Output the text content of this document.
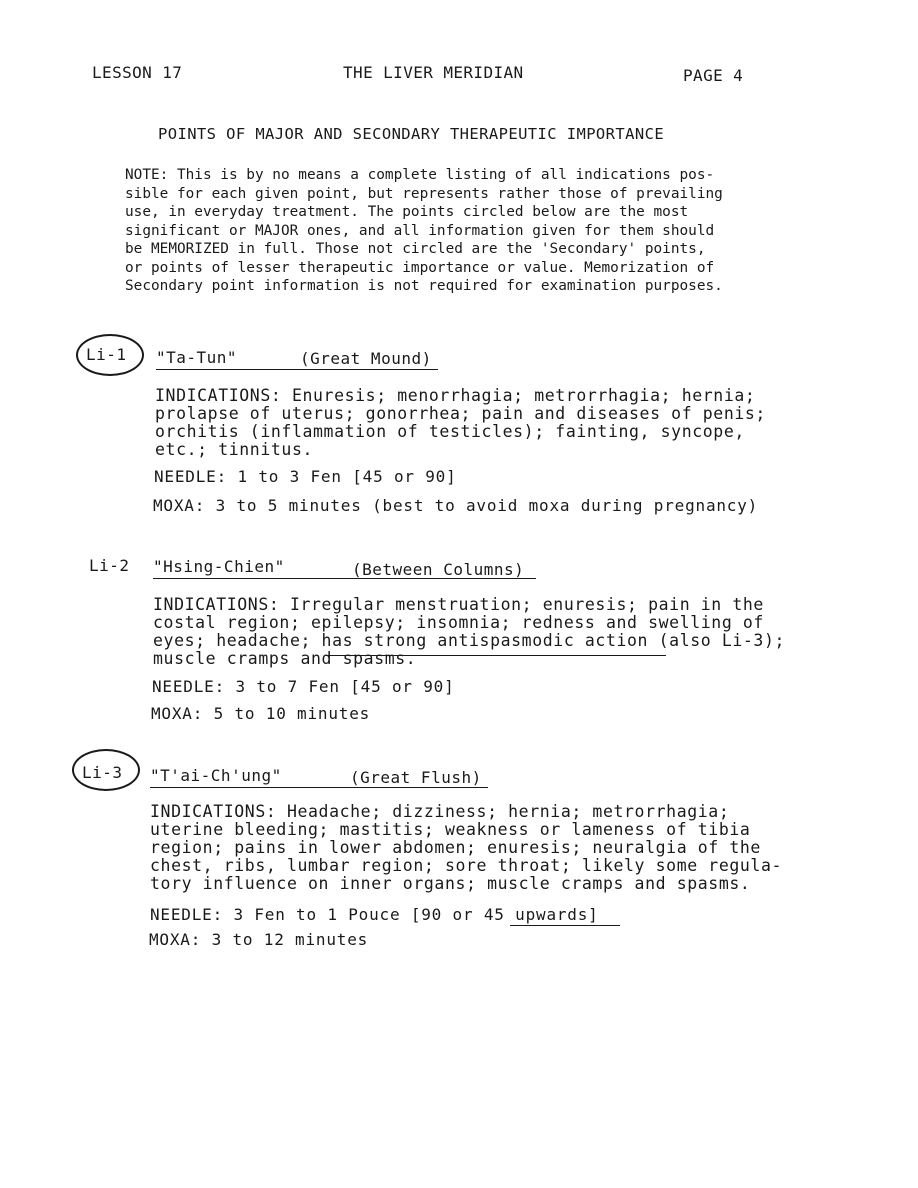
LESSON 17	THE LIVER MERIDIAN	PAGE 4
POINTS OF MAJOR AND SECONDARY THERAPEUTIC IMPORTANCE
NOTE: This is by no means a complete listing of all indications pos-
sible for each given point, but represents rather those of prevailing
use, in everyday treatment. The points circled below are the most
significant or MAJOR ones, and all information given for them should
be MEMORIZED in full. Those not circled are the 'Secondary' points,
or points of lesser therapeutic importance or value. Memorization of
Secondary point information is not required for examination purposes.
Li-1 "Ta-Tun"	(Great Mound)
INDICATIONS: Enuresis; menorrhagia; metrorrhagia; hernia;
prolapse of uterus; gonorrhea; pain and diseases of penis;
orchitis (inflammation of testicles); fainting, syncope,
etc.; tinnitus.
NEEDLE: 1 to 3 Fen [45 or 90]
MOXA: 3 to 5 minutes (best to avoid moxa during pregnancy)
Li-2 "Hsing-Chien"	(Between Columns)
INDICATIONS: Irregular menstruation; enuresis; pain in the
costal region; epilepsy; insomnia; redness and swelling of
eyes; headache; has strong antispasmodic action (also Li-3);
muscle cramps and spasms.
NEEDLE: 3 to 7 Fen [45 or 90]
MOXA: 5 to 10 minutes
Li-3 "T'ai-Ch'ung"	(Great Flush)
INDICATIONS: Headache; dizziness; hernia; metrorrhagia;
uterine bleeding; mastitis; weakness or lameness of tibia
region; pains in lower abdomen; enuresis; neuralgia of the
chest, ribs, lumbar region; sore throat; likely some regula-
tory influence on inner organs; muscle cramps and spasms.
NEEDLE: 3 Fen to 1 Pouce [90 or 45 upwards]
MOXA: 3 to 12 minutes
